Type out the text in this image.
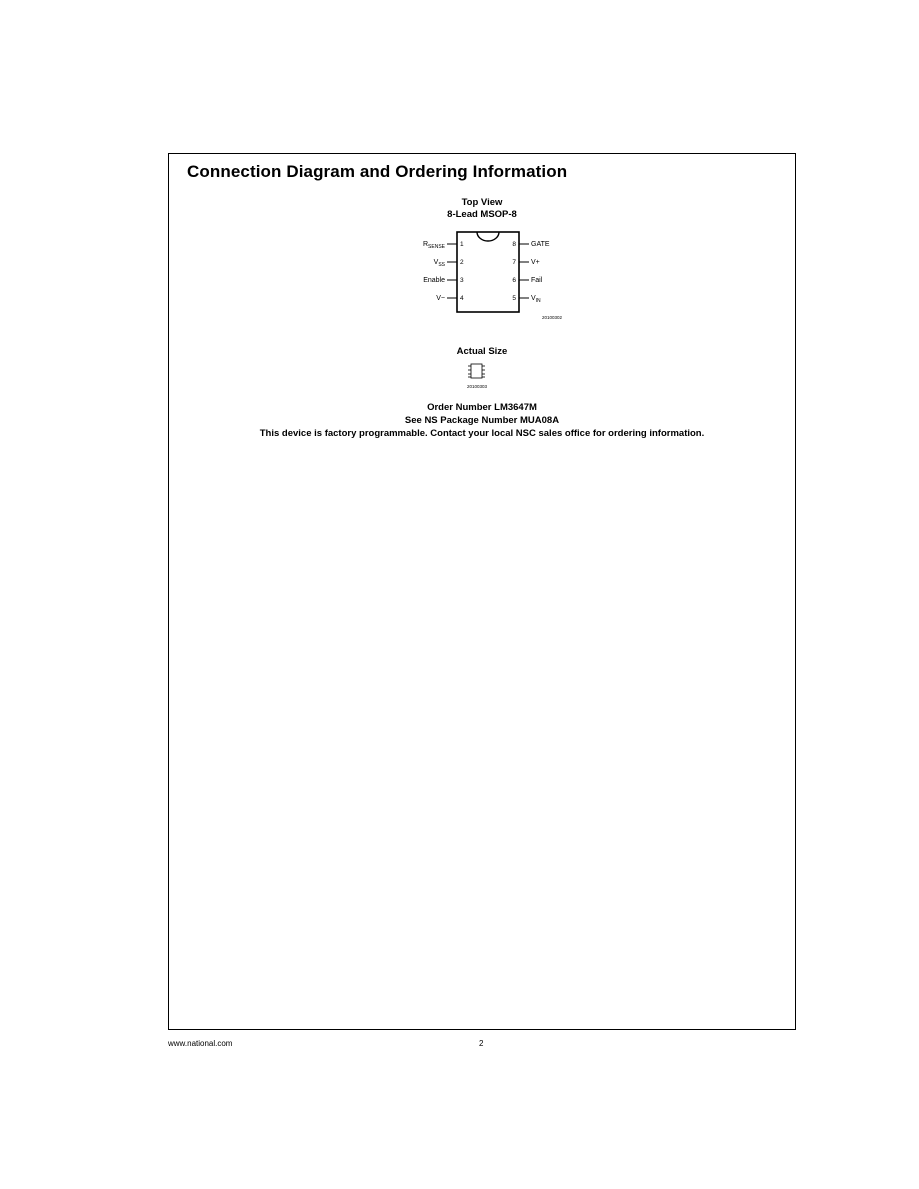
Connection Diagram and Ordering Information
Top View
8-Lead MSOP-8
$R_{SENSE}$ 1
$V_{SS}$ 2
Enable 3
V− 4
8 GATE
7 V+
6 Fail
5 $V_{IN}$
20100302
Actual Size
20100303
Order Number LM3647M
See NS Package Number MUA08A
This device is factory programmable. Contact your local NSC sales office for ordering information.
www.national.com	2
